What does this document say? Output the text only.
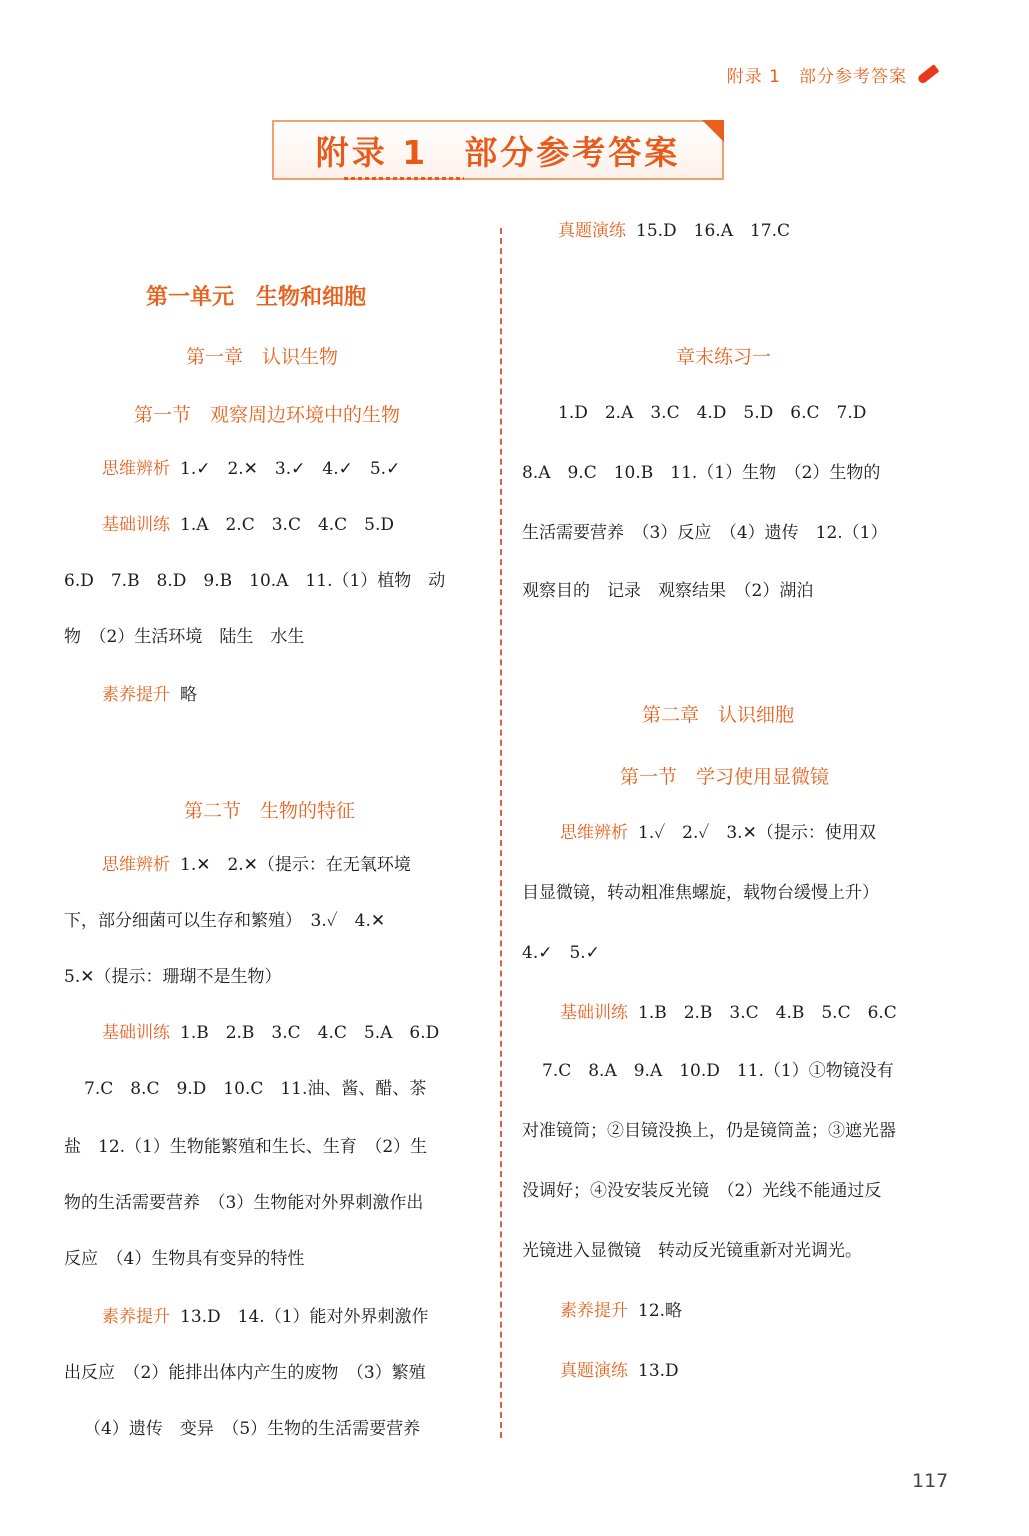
附录 1　部分参考答案
附录 1　部分参考答案
第一单元　生物和细胞
第一章　认识生物
第一节　观察周边环境中的生物
思维辨析 1.✓　2.✕　3.✓　4.✓　5.✓
基础训练 1.A　2.C　3.C　4.C　5.D
6.D　7.B　8.D　9.B　10.A　11.（1）植物　动
物　（2）生活环境　陆生　水生
素养提升 略
第二节　生物的特征
思维辨析 1.✕　2.✕（提示：在无氧环境
下，部分细菌可以生存和繁殖）　3.✓　4.✕
5.✕（提示：珊瑚不是生物）
基础训练 1.B　2.B　3.C　4.C　5.A　6.D
7.C　8.C　9.D　10.C　11.油、酱、醋、茶
盐　12.（1）生物能繁殖和生长、生育　（2）生
物的生活需要营养　（3）生物能对外界刺激作出
反应　（4）生物具有变异的特性
素养提升 13.D　14.（1）能对外界刺激作
出反应　（2）能排出体内产生的废物　（3）繁殖
（4）遗传　变异　（5）生物的生活需要营养
真题演练 15.D　16.A　17.C
章末练习一
1.D　2.A　3.C　4.D　5.D　6.C　7.D
8.A　9.C　10.B　11.（1）生物　（2）生物的
生活需要营养　（3）反应　（4）遗传　12.（1）
观察目的　记录　观察结果　（2）湖泊
第二章　认识细胞
第一节　学习使用显微镜
思维辨析 1.✓　2.✓　3.✕（提示：使用双
目显微镜，转动粗准焦螺旋，载物台缓慢上升）
4.✓　5.✓
基础训练 1.B　2.B　3.C　4.B　5.C　6.C
7.C　8.A　9.A　10.D　11.（1）①物镜没有
对准镜筒；②目镜没换上，仍是镜筒盖；③遮光器
没调好；④没安装反光镜　（2）光线不能通过反
光镜进入显微镜　转动反光镜重新对光调光。
素养提升 12.略
真题演练 13.D
117
